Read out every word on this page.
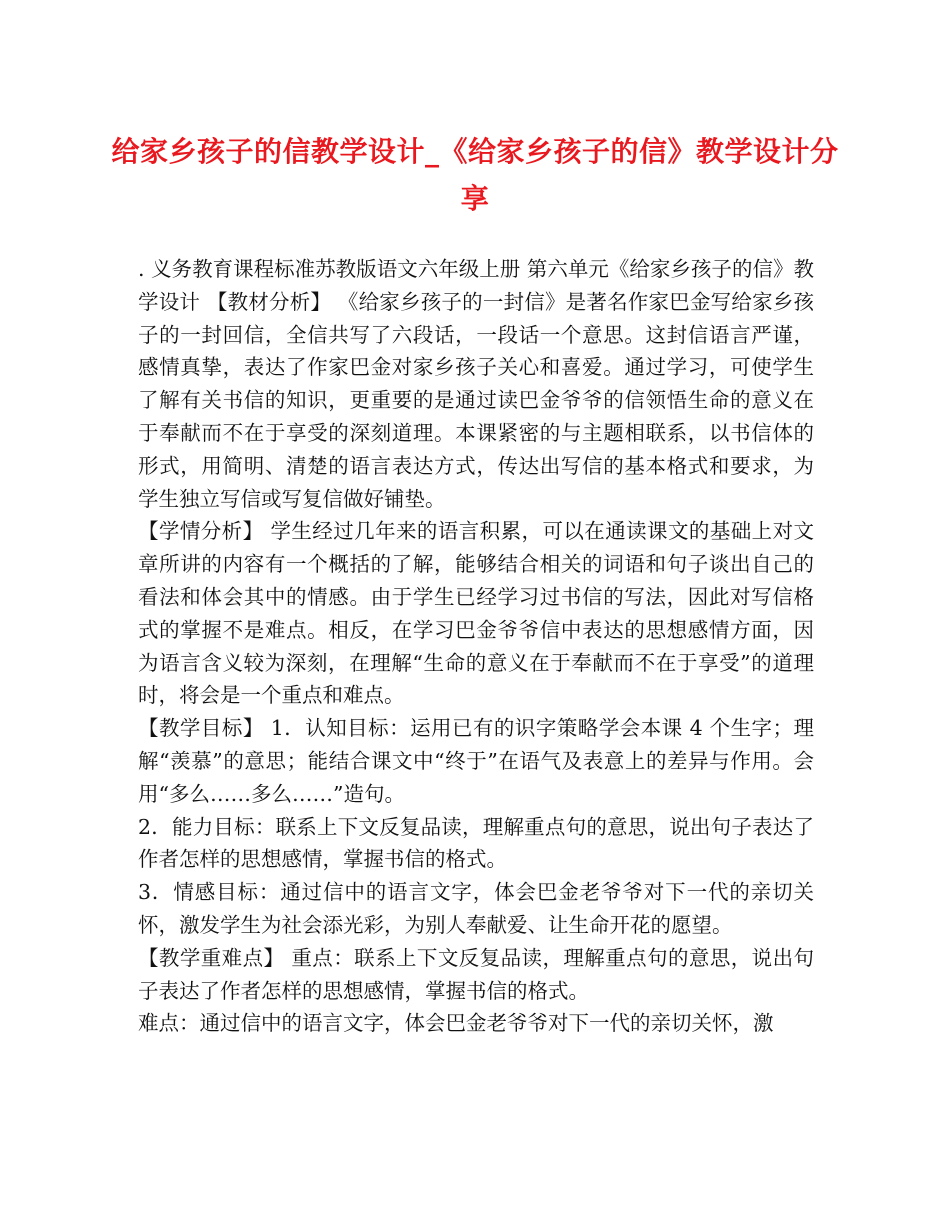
给家乡孩子的信教学设计_《给家乡孩子的信》教学设计分享

. 义务教育课程标准苏教版语文六年级上册 第六单元《给家乡孩子的信》教学设计 【教材分析】 《给家乡孩子的一封信》是著名作家巴金写给家乡孩子的一封回信，全信共写了六段话，一段话一个意思。这封信语言严谨，感情真挚，表达了作家巴金对家乡孩子关心和喜爱。通过学习，可使学生了解有关书信的知识，更重要的是通过读巴金爷爷的信领悟生命的意义在于奉献而不在于享受的深刻道理。本课紧密的与主题相联系，以书信体的形式，用简明、清楚的语言表达方式，传达出写信的基本格式和要求，为学生独立写信或写复信做好铺垫。

【学情分析】 学生经过几年来的语言积累，可以在通读课文的基础上对文章所讲的内容有一个概括的了解，能够结合相关的词语和句子谈出自己的看法和体会其中的情感。由于学生已经学习过书信的写法，因此对写信格式的掌握不是难点。相反，在学习巴金爷爷信中表达的思想感情方面，因为语言含义较为深刻，在理解“生命的意义在于奉献而不在于享受”的道理时，将会是一个重点和难点。

【教学目标】 1．认知目标：运用已有的识字策略学会本课 4 个生字；理解“羡慕”的意思；能结合课文中“终于”在语气及表意上的差异与作用。会用“多么……多么……”造句。

2．能力目标：联系上下文反复品读，理解重点句的意思，说出句子表达了作者怎样的思想感情，掌握书信的格式。

3．情感目标：通过信中的语言文字，体会巴金老爷爷对下一代的亲切关怀，激发学生为社会添光彩，为别人奉献爱、让生命开花的愿望。

【教学重难点】 重点：联系上下文反复品读，理解重点句的意思，说出句子表达了作者怎样的思想感情，掌握书信的格式。

难点：通过信中的语言文字，体会巴金老爷爷对下一代的亲切关怀，激
